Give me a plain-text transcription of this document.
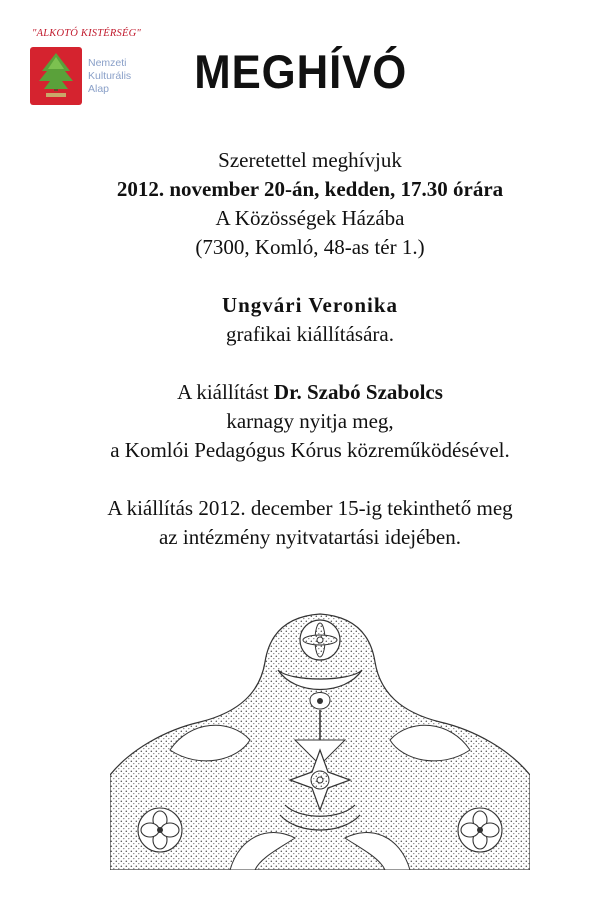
"ALKOTÓ KISTÉRSÉG"
Nemzeti
Kulturális
Alap	MEGHÍVÓ
Szeretettel meghívjuk
2012. november 20-án, kedden, 17.30 órára
A Közösségek Házába
(7300, Komló, 48-as tér 1.)
Ungvári Veronika
grafikai kiállítására.
A kiállítást Dr. Szabó Szabolcs
karnagy nyitja meg,
a Komlói Pedagógus Kórus közreműködésével.
A kiállítás 2012. december 15-ig tekinthető meg
az intézmény nyitvatartási idejében.
